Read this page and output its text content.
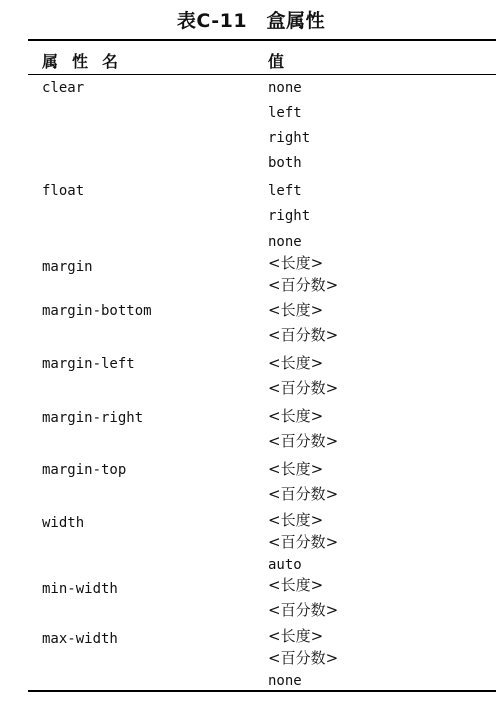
表C-11　盒属性
属性名	值
clear	none
left
right
both
float	left
right
none
margin	<长度>
<百分数>
margin-bottom	<长度>
<百分数>
margin-left	<长度>
<百分数>
margin-right	<长度>
<百分数>
margin-top	<长度>
<百分数>
width	<长度>
<百分数>
auto
min-width	<长度>
<百分数>
max-width	<长度>
<百分数>
none
